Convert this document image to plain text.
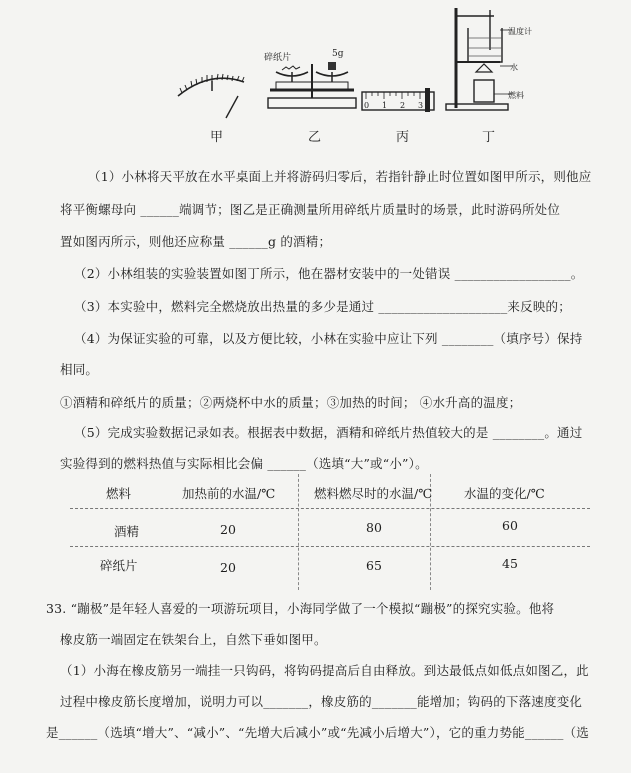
碎纸片	5g
0 1 2 3
温度计
水
燃料
甲	乙	丙	丁
（1）小林将天平放在水平桌面上并将游码归零后，若指针静止时位置如图甲所示，则他应
将平衡螺母向 ______端调节；图乙是正确测量所用碎纸片质量时的场景，此时游码所处位
置如图丙所示，则他还应称量 ______g 的酒精；
（2）小林组装的实验装置如图丁所示，他在器材安装中的一处错误 __________________。
（3）本实验中，燃料完全燃烧放出热量的多少是通过 ____________________来反映的；
（4）为保证实验的可靠，以及方便比较，小林在实验中应让下列 ________（填序号）保持
相同。
①酒精和碎纸片的质量；②两烧杯中水的质量；③加热的时间； ④水升高的温度；
（5）完成实验数据记录如表。根据表中数据，酒精和碎纸片热值较大的是 ________。通过
实验得到的燃料热值与实际相比会偏 ______（选填“大”或“小”）。
燃料	加热前的水温/℃	燃料燃尽时的水温/℃	水温的变化/℃
酒精	20	80	60
碎纸片	20	65	45
33. “蹦极”是年轻人喜爱的一项游玩项目，小海同学做了一个模拟“蹦极”的探究实验。他将
橡皮筋一端固定在铁架台上，自然下垂如图甲。
（1）小海在橡皮筋另一端挂一只钩码，将钩码提高后自由释放。到达最低点如低点如图乙，此
过程中橡皮筋长度增加，说明力可以_______，橡皮筋的_______能增加；钩码的下落速度变化
是______（选填“增大”、“减小”、“先增大后减小”或“先减小后增大”），它的重力势能______（选
